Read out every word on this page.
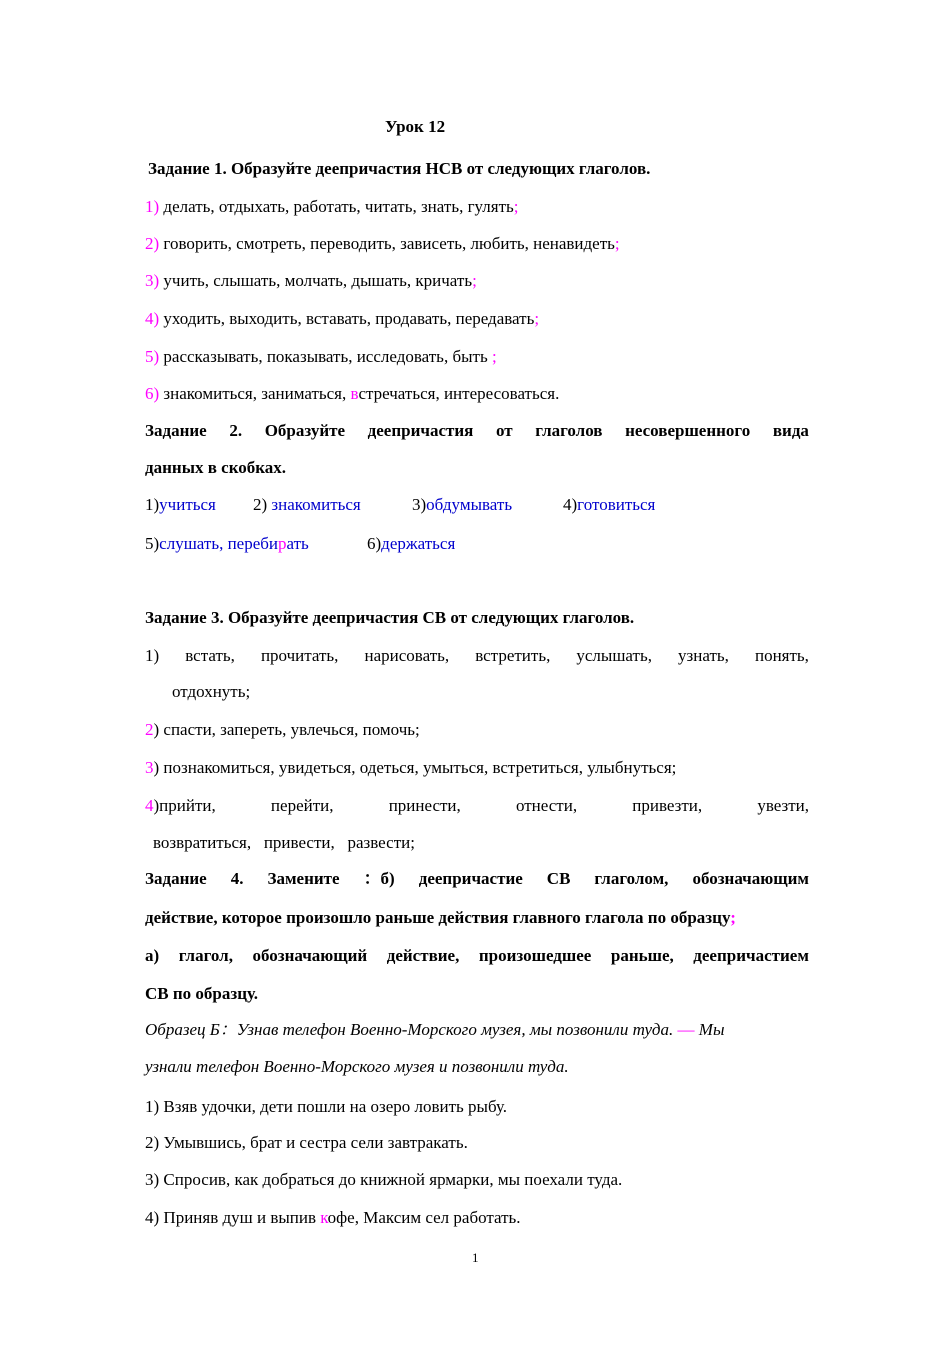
Урок 12
Задание 1. Образуйте деепричастия НСВ от следующих глаголов.
1) делать, отдыхать, работать, читать, знать, гулять;
2) говорить, смотреть, переводить, зависеть, любить, ненавидеть;
3) учить, слышать, молчать, дышать, кричать;
4) уходить, выходить, вставать, продавать, передавать;
5) рассказывать, показывать, исследовать, быть ;
6) знакомиться, заниматься, встречаться, интересоваться.
Задание 2. Образуйте деепричастия от глаголов несовершенного вида
данных в скобках.
1)учиться 2) знакомиться	3)обдумывать	4)готовиться
5)слушать, перебирать	6)держаться
Задание 3. Образуйте деепричастия СВ от следующих глаголов.
1) встать, прочитать, нарисовать, встретить, услышать, узнать, понять,
отдохнуть;
2) спасти, запереть, увлечься, помочь;
3) познакомиться, увидеться, одеться, умыться, встретиться, улыбнуться;
4)прийти,	перейти,	принести,	отнести,	привезти,	увезти,
возвратиться,   привести,   развести;
Задание 4. Замените ：б) деепричастие СВ глаголом, обозначающим
действие, которое произошло раньше действия главного глагола по образцу;
а) глагол, обозначающий действие, произошедшее раньше, деепричастием
СВ по образцу.
Образец Б：Узнав телефон Военно-Морского музея, мы позвонили туда. — Мы
узнали телефон Военно-Морского музея и позвонили туда.
1) Взяв удочки, дети пошли на озеро ловить рыбу.
2) Умывшись, брат и сестра сели завтракать.
3) Спросив, как добраться до книжной ярмарки, мы поехали туда.
4) Приняв душ и выпив кофе, Максим сел работать.
1
